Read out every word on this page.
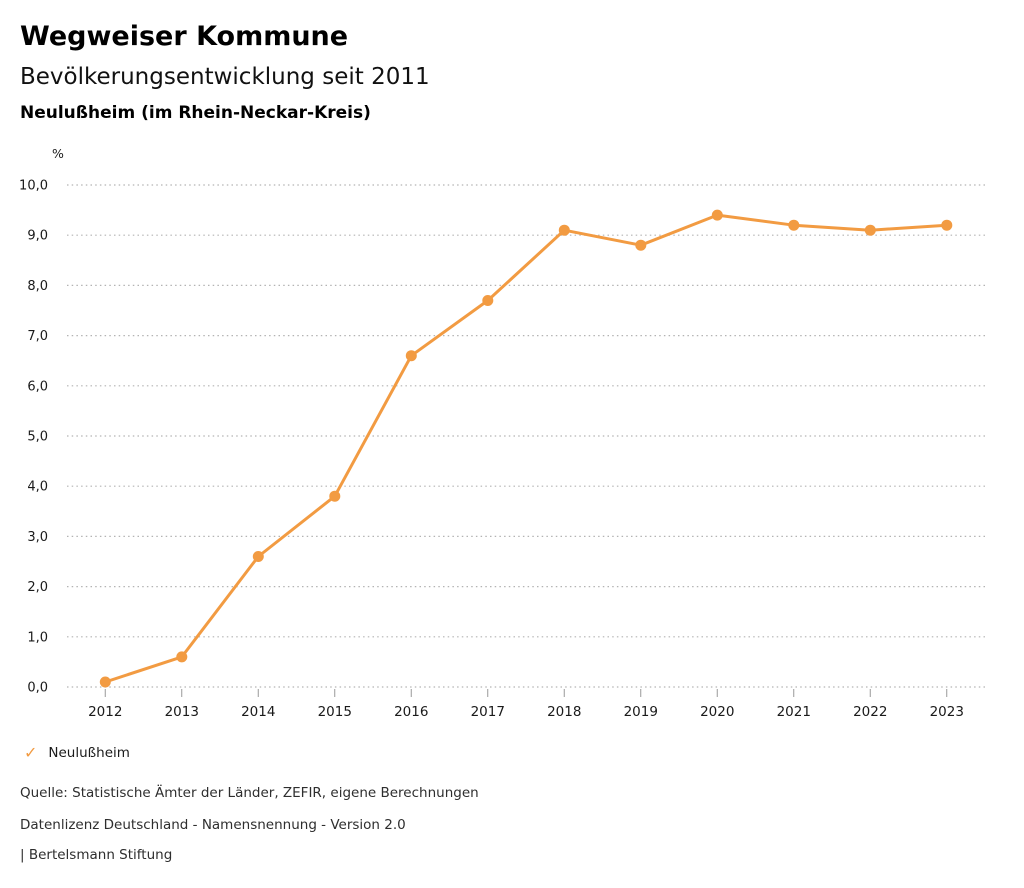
Wegweiser Kommune
Bevölkerungsentwicklung seit 2011
Neulußheim (im Rhein-Neckar-Kreis)
%
0,0
1,0
2,0
3,0
4,0
5,0
6,0
7,0
8,0
9,0
10,0
2012	2013	2014	2015	2016	2017	2018	2019	2020	2021	2022	2023
✓ Neulußheim

Quelle: Statistische Ämter der Länder, ZEFIR, eigene Berechnungen

Datenlizenz Deutschland - Namensnennung - Version 2.0

| Bertelsmann Stiftung
